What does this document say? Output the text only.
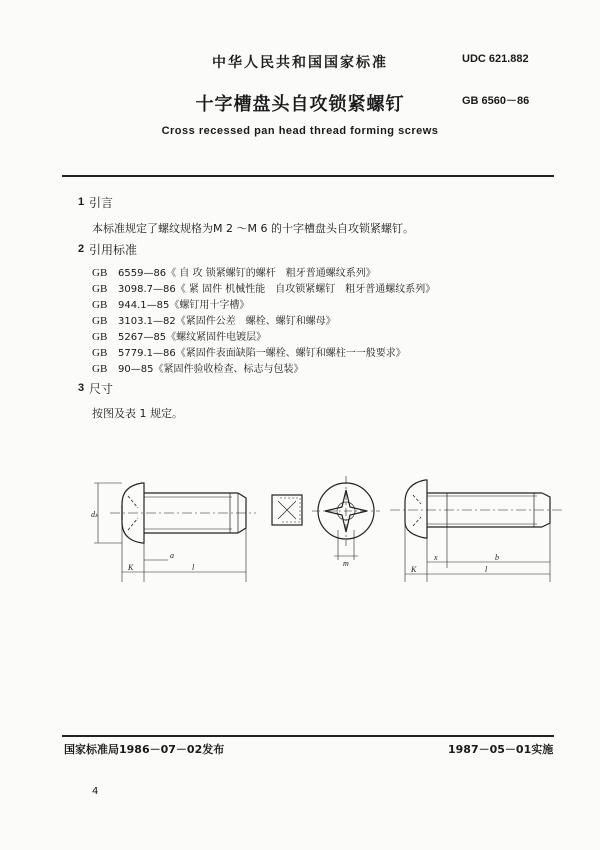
中华人民共和国国家标准	UDC 621.882
GB 6560－86
十字槽盘头自攻锁紧螺钉
Cross recessed pan head thread forming screws
1 引言
本标准规定了螺纹规格为M 2 ～M 6 的十字槽盘头自攻锁紧螺钉。
2 引用标准
GB 6559—86《 自 攻 锁紧螺钉的螺杆　粗牙普通螺纹系列》
GB 3098.7—86《 紧 固件 机械性能　自攻锁紧螺钉　粗牙普通螺纹系列》
GB 944.1—85《螺钉用十字槽》
GB 3103.1—82《紧固件公差　螺栓、螺钉和螺母》
GB 5267—85《螺纹紧固件电镀层》
GB 5779.1—86《紧固件表面缺陷一螺栓、螺钉和螺柱一一般要求》
GB 90—85《紧固件验收检查、标志与包装》
3 尺寸
按图及表 1 规定。
dₖ
a
K	l	m
x	b
K	l
国家标准局1986－07－02发布	1987－05－01实施
4
